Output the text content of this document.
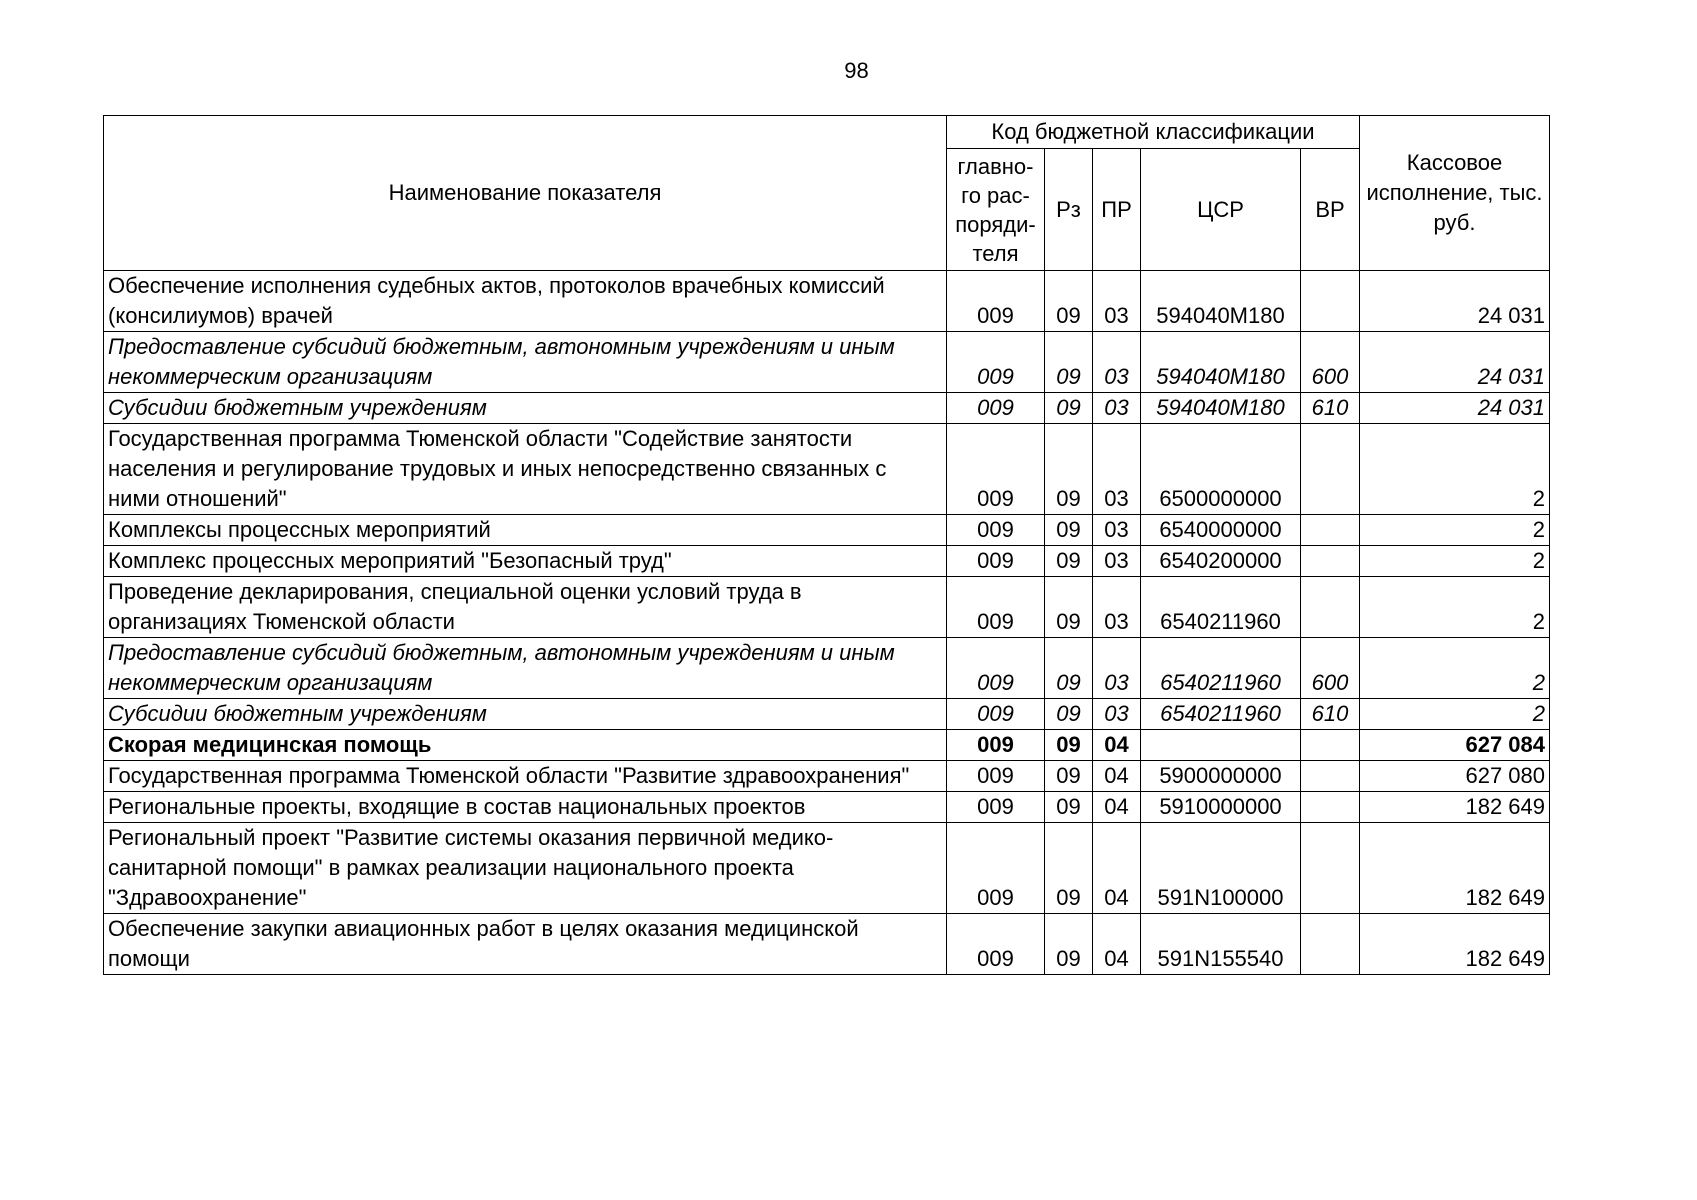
98
Наименование показателя	Код бюджетной классификации					Кассовое исполнение, тыс. руб.
	главно-го рас-поряди-теля	Рз	ПР	ЦСР	ВР	
Обеспечение исполнения судебных актов, протоколов врачебных комиссий (консилиумов) врачей	009	09	03	594040М180		24 031
Предоставление субсидий бюджетным, автономным учреждениям и иным некоммерческим организациям	009	09	03	594040М180	600	24 031
Субсидии бюджетным учреждениям	009	09	03	594040М180	610	24 031
Государственная программа Тюменской области "Содействие занятости населения и регулирование трудовых и иных непосредственно связанных с ними отношений"	009	09	03	6500000000		2
Комплексы процессных мероприятий	009	09	03	6540000000		2
Комплекс процессных мероприятий "Безопасный труд"	009	09	03	6540200000		2
Проведение декларирования, специальной оценки условий труда в организациях Тюменской области	009	09	03	6540211960		2
Предоставление субсидий бюджетным, автономным учреждениям и иным некоммерческим организациям	009	09	03	6540211960	600	2
Субсидии бюджетным учреждениям	009	09	03	6540211960	610	2
Скорая медицинская помощь	009	09	04			627 084
Государственная программа Тюменской области "Развитие здравоохранения"	009	09	04	5900000000		627 080
Региональные проекты, входящие в состав национальных проектов	009	09	04	5910000000		182 649
Региональный проект "Развитие системы оказания первичной медико-санитарной помощи" в рамках реализации национального проекта "Здравоохранение"	009	09	04	591N100000		182 649
Обеспечение закупки авиационных работ в целях оказания медицинской помощи	009	09	04	591N155540		182 649
